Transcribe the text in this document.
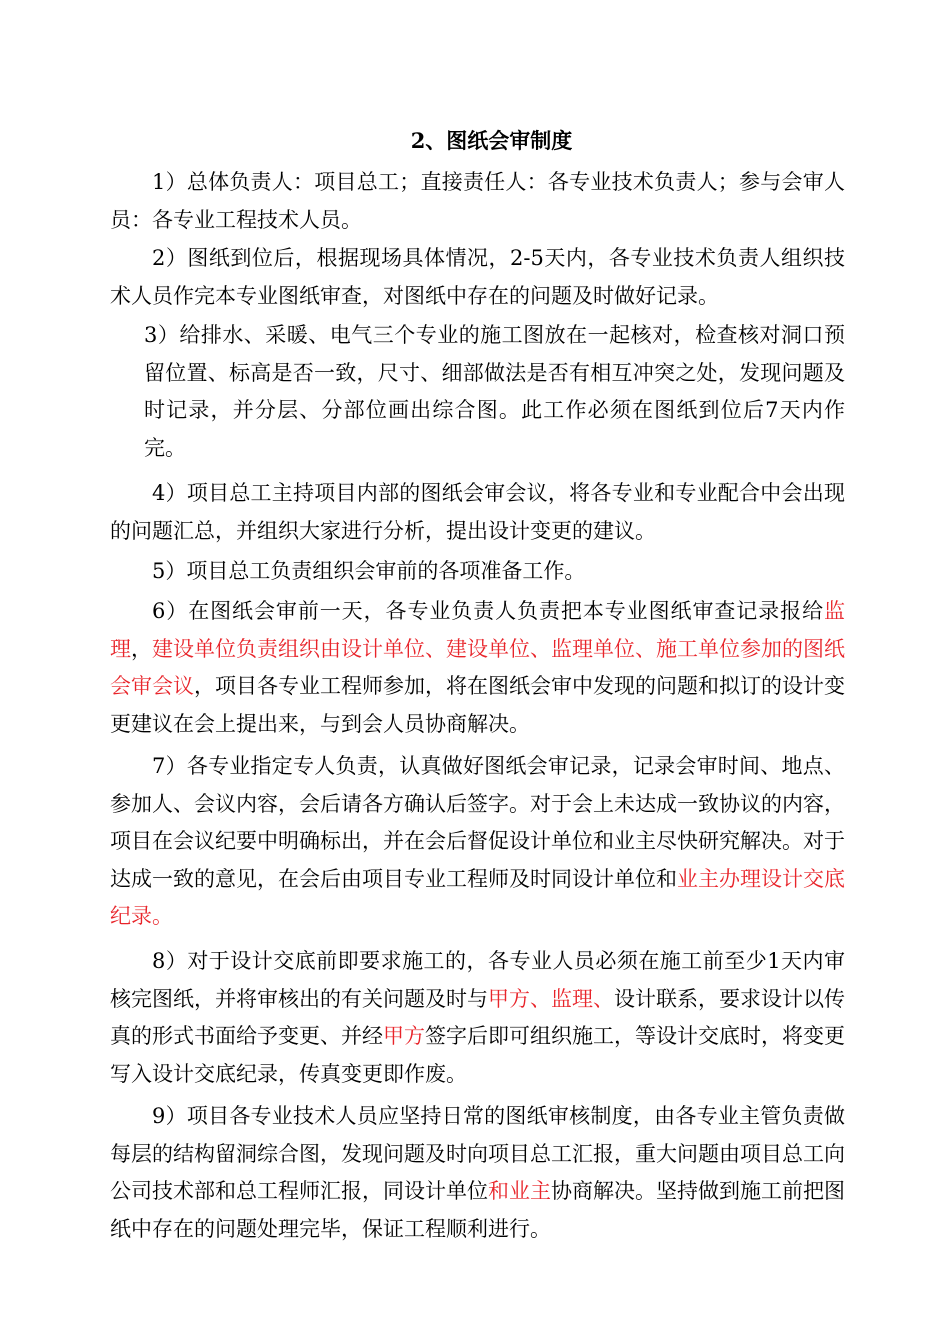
2、图纸会审制度

1）总体负责人：项目总工；直接责任人：各专业技术负责人；参与会审人员：各专业工程技术人员。

2）图纸到位后，根据现场具体情况，2-5天内，各专业技术负责人组织技术人员作完本专业图纸审查，对图纸中存在的问题及时做好记录。

3）给排水、采暖、电气三个专业的施工图放在一起核对，检查核对洞口预留位置、标高是否一致，尺寸、细部做法是否有相互冲突之处，发现问题及时记录，并分层、分部位画出综合图。此工作必须在图纸到位后7天内作完。

4）项目总工主持项目内部的图纸会审会议，将各专业和专业配合中会出现的问题汇总，并组织大家进行分析，提出设计变更的建议。

5）项目总工负责组织会审前的各项准备工作。

6）在图纸会审前一天，各专业负责人负责把本专业图纸审查记录报给监理，建设单位负责组织由设计单位、建设单位、监理单位、施工单位参加的图纸会审会议，项目各专业工程师参加，将在图纸会审中发现的问题和拟订的设计变更建议在会上提出来，与到会人员协商解决。

7）各专业指定专人负责，认真做好图纸会审记录，记录会审时间、地点、参加人、会议内容，会后请各方确认后签字。对于会上未达成一致协议的内容，项目在会议纪要中明确标出，并在会后督促设计单位和业主尽快研究解决。对于达成一致的意见，在会后由项目专业工程师及时同设计单位和业主办理设计交底纪录。

8）对于设计交底前即要求施工的，各专业人员必须在施工前至少1天内审核完图纸，并将审核出的有关问题及时与甲方、监理、设计联系，要求设计以传真的形式书面给予变更、并经甲方签字后即可组织施工，等设计交底时，将变更写入设计交底纪录，传真变更即作废。

9）项目各专业技术人员应坚持日常的图纸审核制度，由各专业主管负责做每层的结构留洞综合图，发现问题及时向项目总工汇报，重大问题由项目总工向公司技术部和总工程师汇报，同设计单位和业主协商解决。坚持做到施工前把图纸中存在的问题处理完毕，保证工程顺利进行。
